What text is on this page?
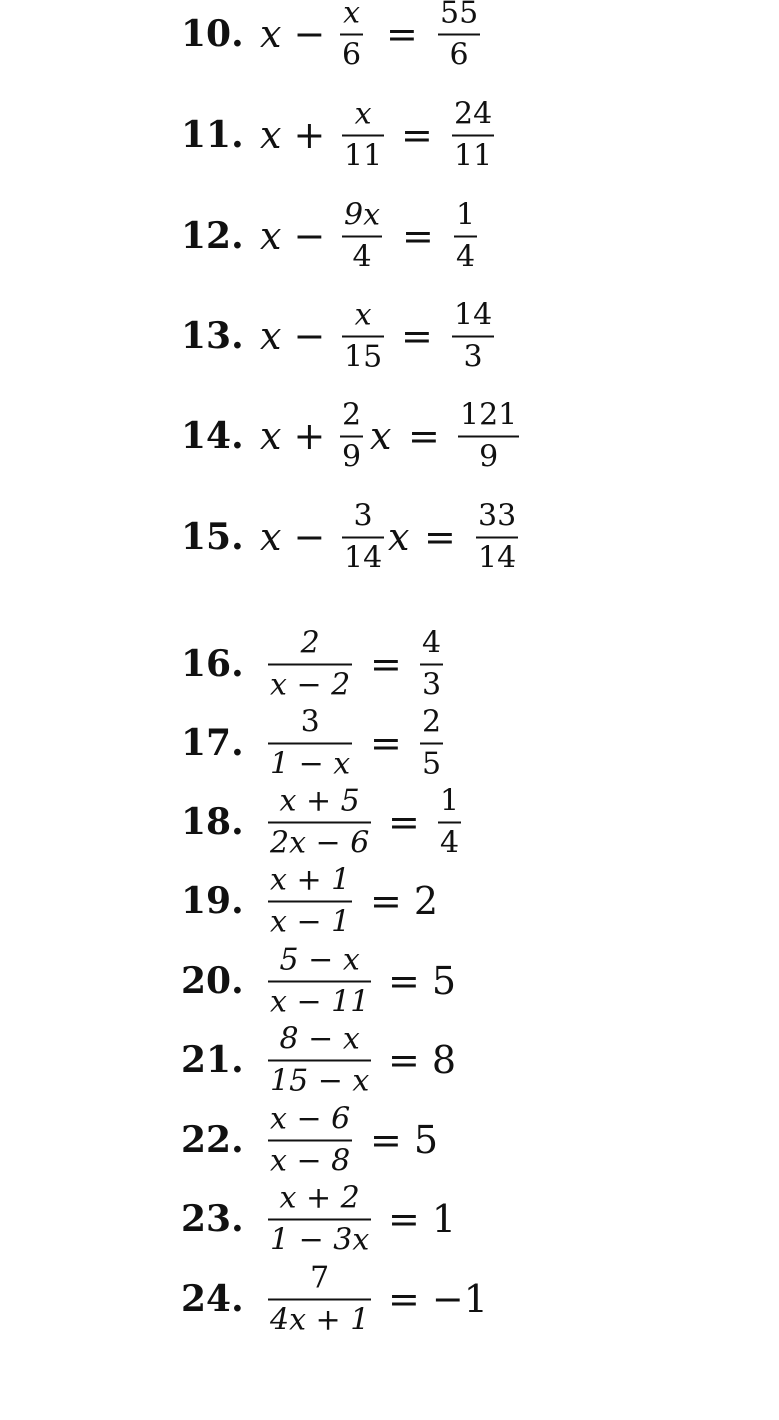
10. x − x
6 = 55
6
11. x + x
11 = 24
11
12. x − 9x
4 = 1
4
13. x − x
15 = 14
3
14. x + 2
9 x = 121
9
15. x − 3
14 x = 33
14
16. 2
x − 2 = 4
3
17. 3
1 − x = 2
5
18. x + 5
2x − 6 = 1
4
19. x + 1
x − 1 = 2
20. 5 − x
x − 11 = 5
21. 8 − x
15 − x = 8
22. x − 6
x − 8 = 5
23. x + 2
1 − 3x = 1
24. 7
4x + 1 = −1
